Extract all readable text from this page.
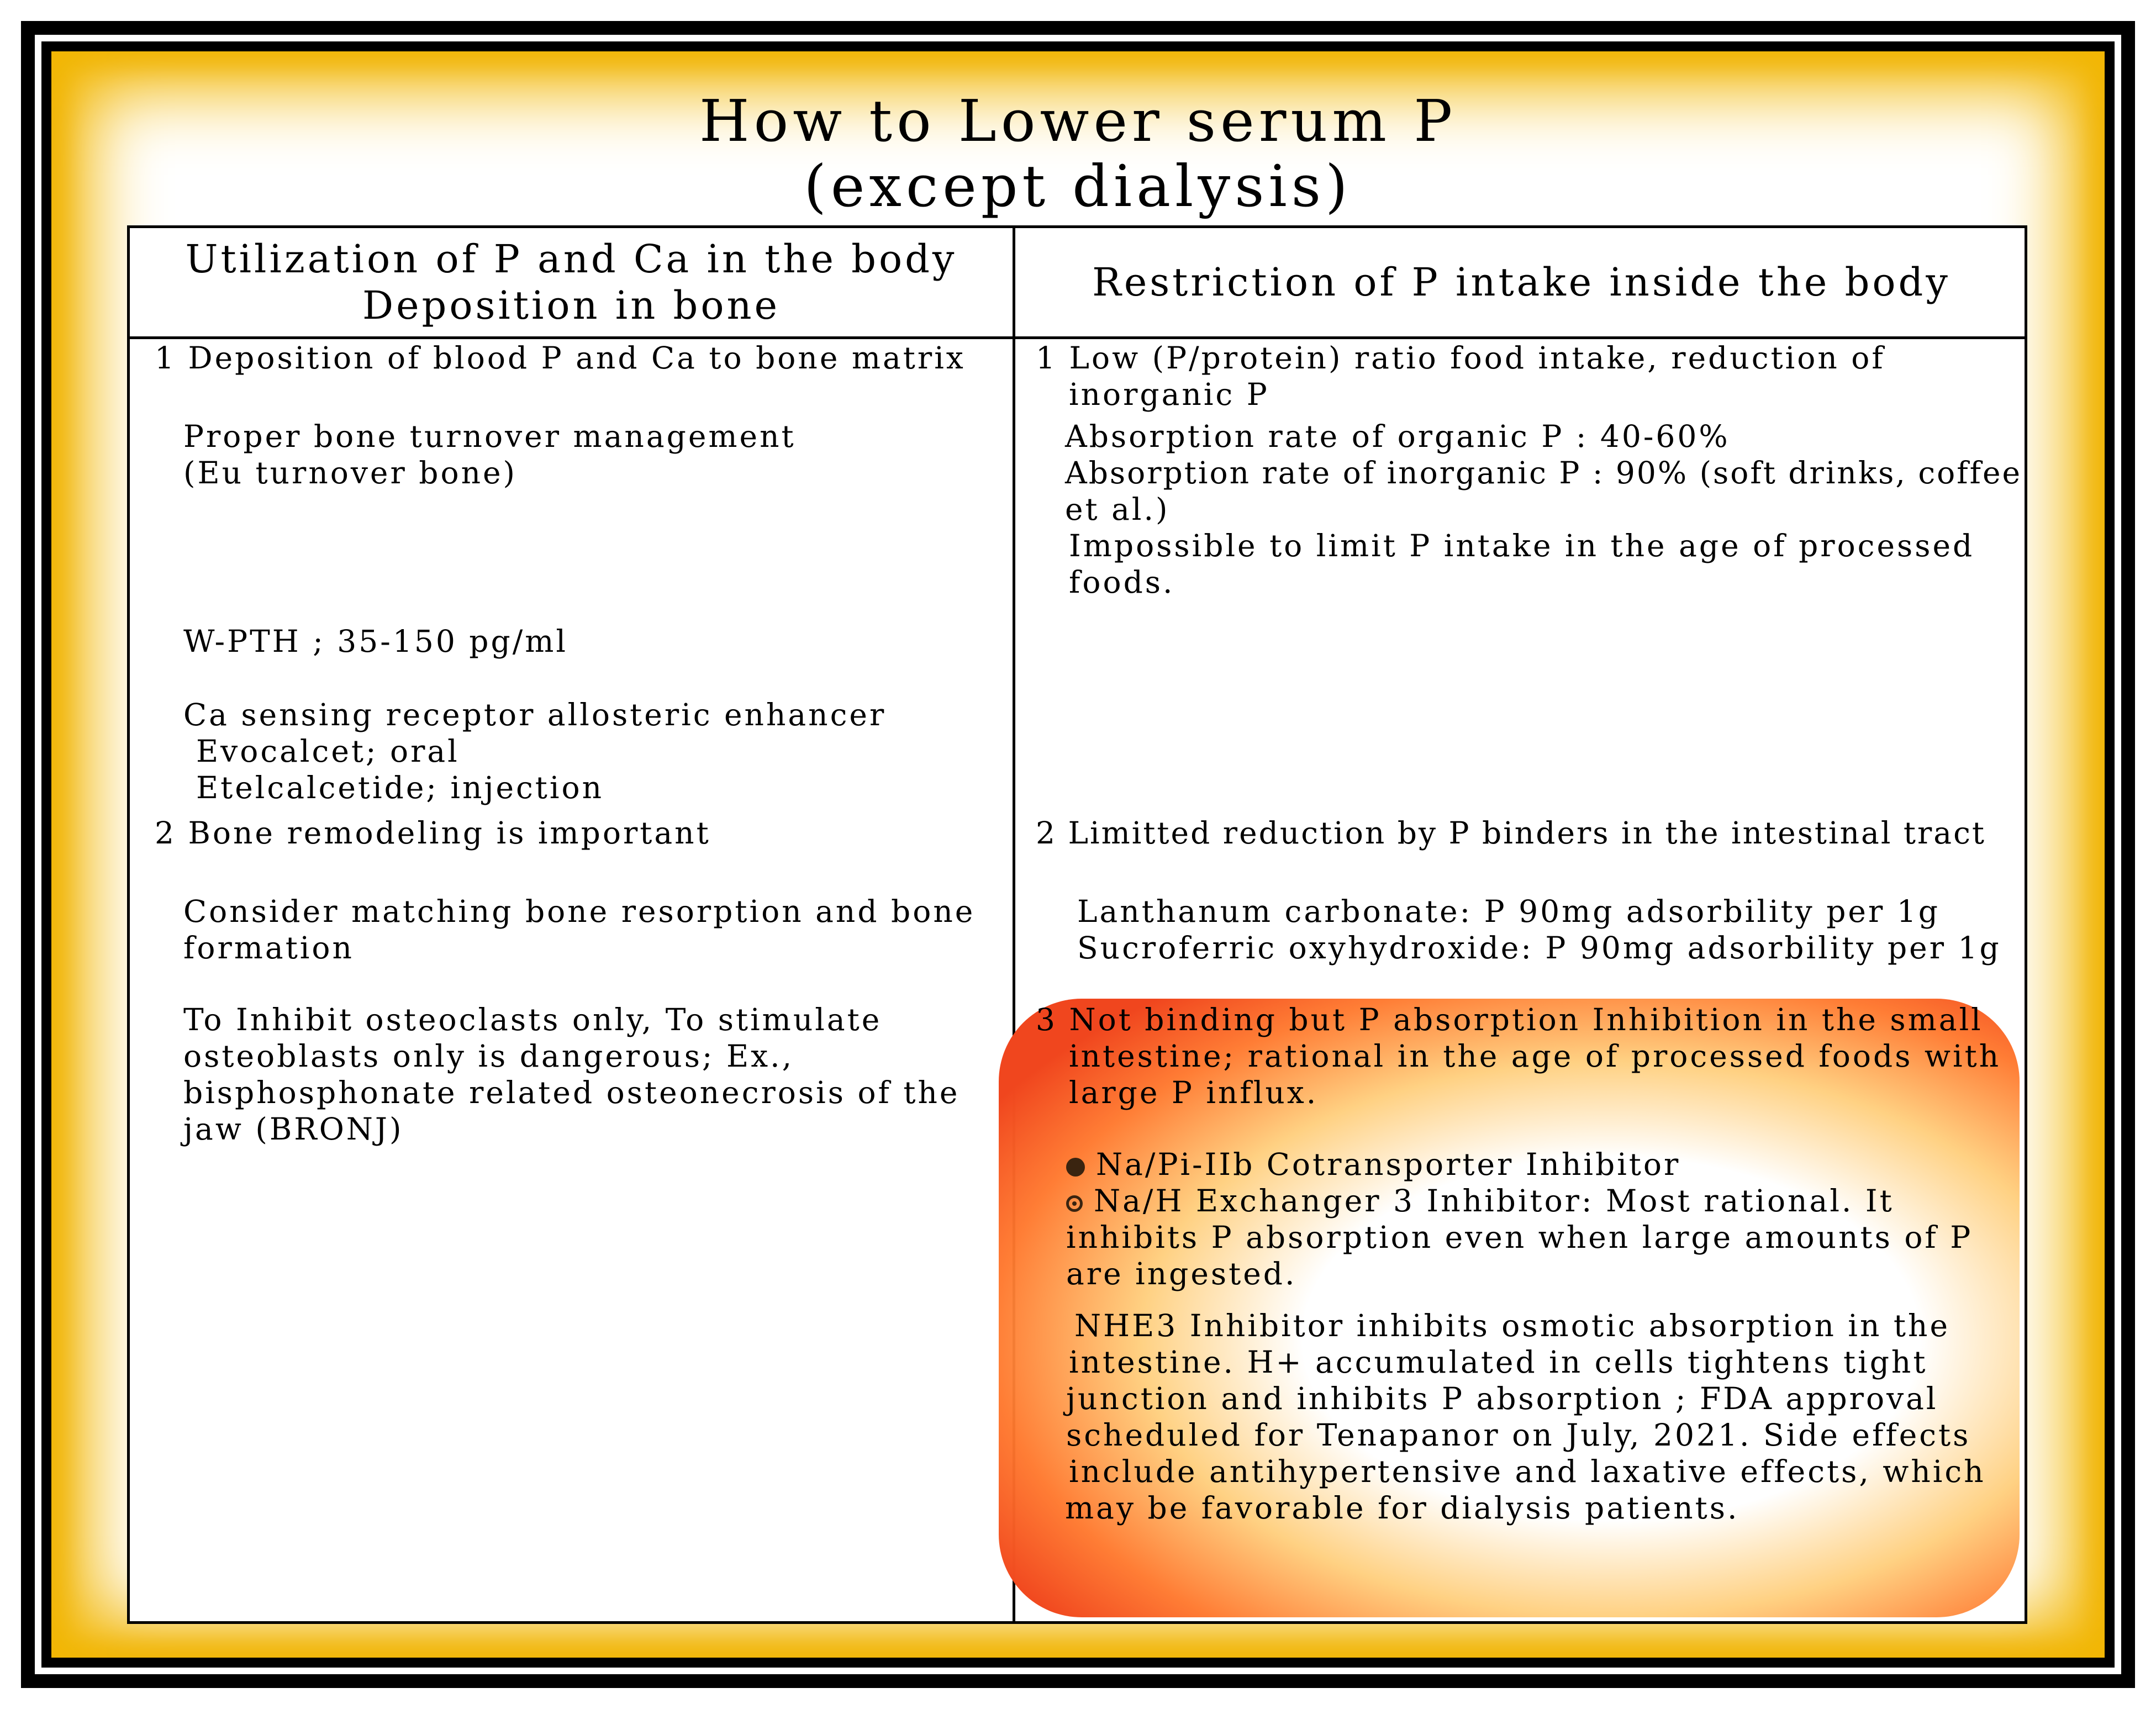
How to Lower serum P
(except dialysis)
Utilization of P and Ca in the body
Deposition in bone
Restriction of P intake inside the body
1 Deposition of blood P and Ca to bone matrix
Proper bone turnover management
(Eu turnover bone)
W-PTH ; 35-150 pg/ml
Ca sensing receptor allosteric enhancer
Evocalcet; oral
Etelcalcetide; injection
2 Bone remodeling is important
Consider matching bone resorption and bone
formation
To Inhibit osteoclasts only, To stimulate
osteoblasts only is dangerous; Ex.,
bisphosphonate related osteonecrosis of the
jaw (BRONJ)
1 Low (P/protein) ratio food intake, reduction of
inorganic P
Absorption rate of organic P : 40-60%
Absorption rate of inorganic P : 90% (soft drinks, coffee
et al.)
Impossible to limit P intake in the age of processed
foods.
2 Limitted reduction by P binders in the intestinal tract
Lanthanum carbonate: P 90mg adsorbility per 1g
Sucroferric oxyhydroxide: P 90mg adsorbility per 1g
3 Not binding but P absorption Inhibition in the small
intestine; rational in the age of processed foods with
large P influx.
Na/Pi-IIb Cotransporter Inhibitor
Na/H Exchanger 3 Inhibitor: Most rational. It
inhibits P absorption even when large amounts of P
are ingested.
NHE3 Inhibitor inhibits osmotic absorption in the
intestine. H+ accumulated in cells tightens tight
junction and inhibits P absorption ; FDA approval
scheduled for Tenapanor on July, 2021. Side effects
include antihypertensive and laxative effects, which
may be favorable for dialysis patients.
